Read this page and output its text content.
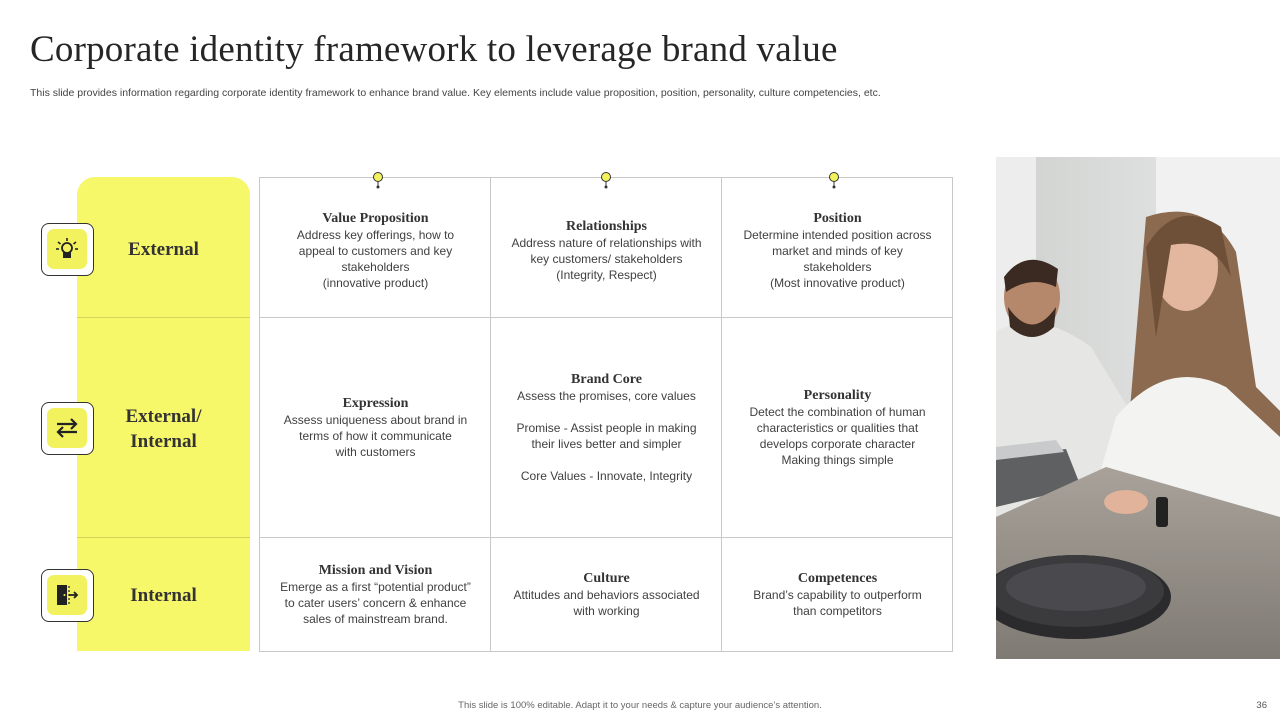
Corporate identity framework to leverage brand value
This slide provides information regarding corporate identity framework to enhance brand value. Key elements include value proposition, position, personality, culture competencies, etc.
External
External/
Internal
Internal
Value Proposition
Address key offerings, how to
appeal to customers and key
stakeholders
(innovative product)
Relationships
Address nature of relationships with
key customers/ stakeholders
(Integrity, Respect)
Position
Determine intended position across
market and minds of key
stakeholders
(Most innovative product)
Expression
Assess uniqueness about brand in
terms of how it communicate
with customers
Brand Core
Assess the promises, core values

Promise - Assist people in making
their lives better and simpler

Core Values - Innovate, Integrity
Personality
Detect the combination of human
characteristics or qualities that
develops corporate character
Making things simple
Mission and Vision
Emerge as a first “potential product”
to cater users’ concern & enhance
sales of mainstream brand.
Culture
Attitudes and behaviors associated
with working
Competences
Brand’s capability to outperform
than competitors
This slide is 100% editable. Adapt it to your needs & capture your audience’s attention.	36
